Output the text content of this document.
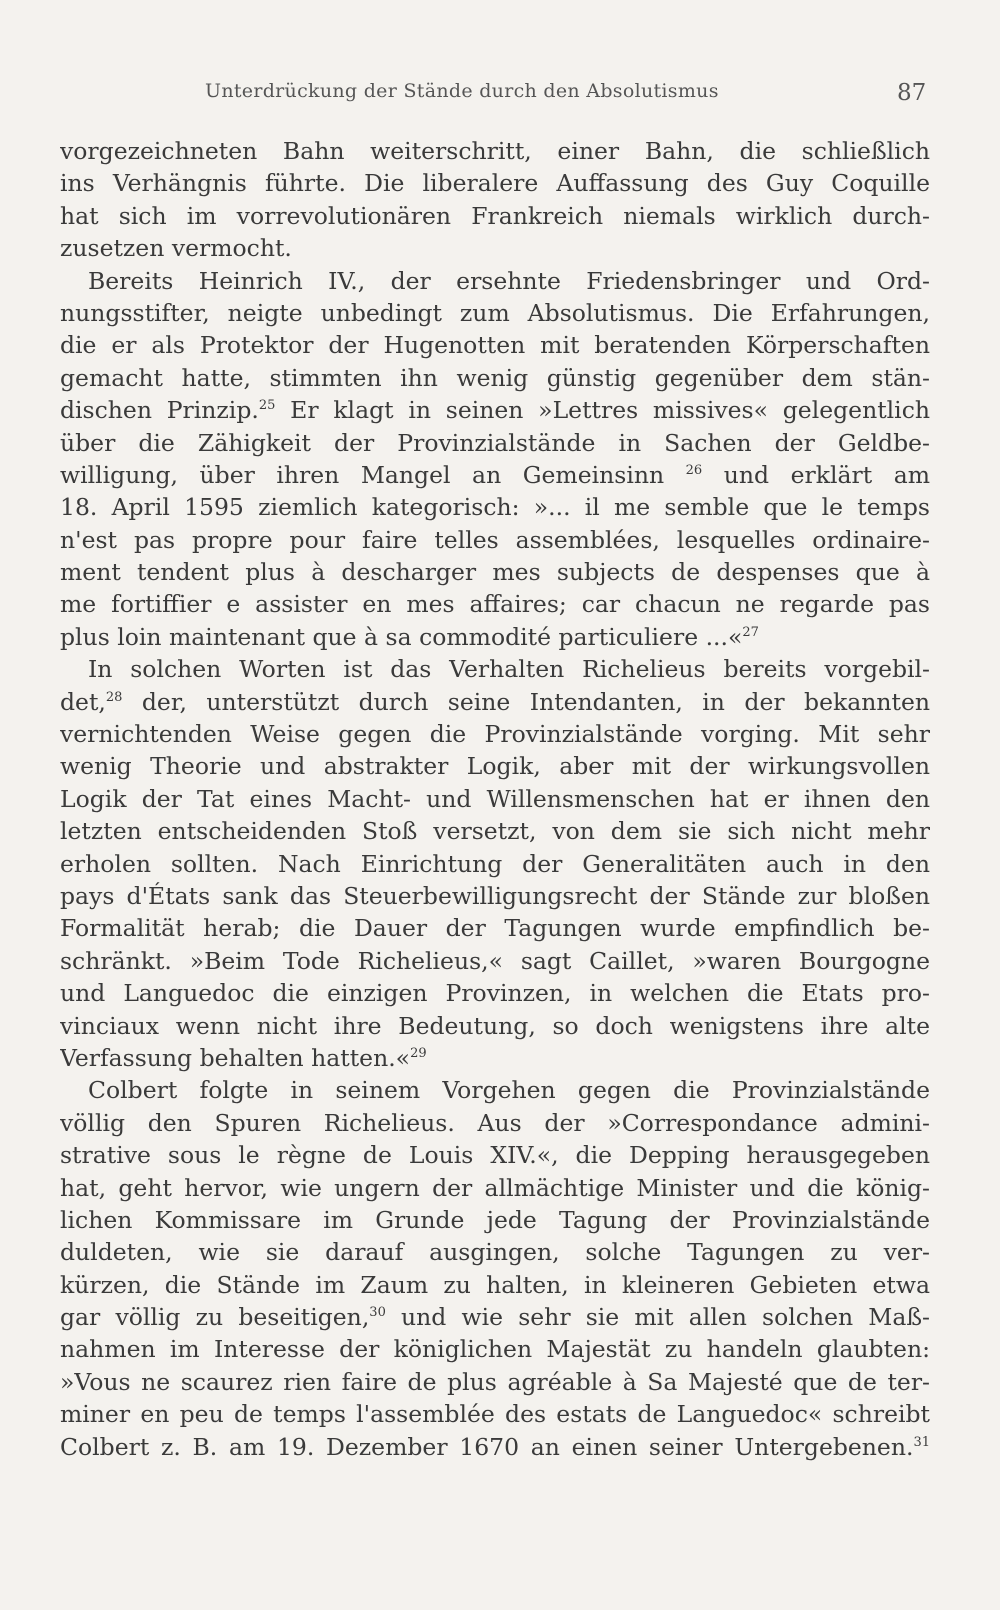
Unterdrückung der Stände durch den Absolutismus	87
vorgezeichneten Bahn weiterschritt, einer Bahn, die schließlich
ins Verhängnis führte. Die liberalere Auffassung des Guy Coquille
hat sich im vorrevolutionären Frankreich niemals wirklich durch-
zusetzen vermocht.
Bereits Heinrich IV., der ersehnte Friedensbringer und Ord-
nungsstifter, neigte unbedingt zum Absolutismus. Die Erfahrungen,
die er als Protektor der Hugenotten mit beratenden Körperschaften
gemacht hatte, stimmten ihn wenig günstig gegenüber dem stän-
dischen Prinzip.$^{25}$ Er klagt in seinen »Lettres missives« gelegentlich
über die Zähigkeit der Provinzialstände in Sachen der Geldbe-
willigung, über ihren Mangel an Gemeinsinn $^{26}$ und erklärt am
18. April 1595 ziemlich kategorisch: »... il me semble que le temps
n'est pas propre pour faire telles assemblées, lesquelles ordinaire-
ment tendent plus à descharger mes subjects de despenses que à
me fortiffier e assister en mes affaires; car chacun ne regarde pas
plus loin maintenant que à sa commodité particuliere ...«$^{27}$
In solchen Worten ist das Verhalten Richelieus bereits vorgebil-
det,$^{28}$ der, unterstützt durch seine Intendanten, in der bekannten
vernichtenden Weise gegen die Provinzialstände vorging. Mit sehr
wenig Theorie und abstrakter Logik, aber mit der wirkungsvollen
Logik der Tat eines Macht- und Willensmenschen hat er ihnen den
letzten entscheidenden Stoß versetzt, von dem sie sich nicht mehr
erholen sollten. Nach Einrichtung der Generalitäten auch in den
pays d'États sank das Steuerbewilligungsrecht der Stände zur bloßen
Formalität herab; die Dauer der Tagungen wurde empfindlich be-
schränkt. »Beim Tode Richelieus,« sagt Caillet, »waren Bourgogne
und Languedoc die einzigen Provinzen, in welchen die Etats pro-
vinciaux wenn nicht ihre Bedeutung, so doch wenigstens ihre alte
Verfassung behalten hatten.«$^{29}$
Colbert folgte in seinem Vorgehen gegen die Provinzialstände
völlig den Spuren Richelieus. Aus der »Correspondance admini-
strative sous le règne de Louis XIV.«, die Depping herausgegeben
hat, geht hervor, wie ungern der allmächtige Minister und die könig-
lichen Kommissare im Grunde jede Tagung der Provinzialstände
duldeten, wie sie darauf ausgingen, solche Tagungen zu ver-
kürzen, die Stände im Zaum zu halten, in kleineren Gebieten etwa
gar völlig zu beseitigen,$^{30}$ und wie sehr sie mit allen solchen Maß-
nahmen im Interesse der königlichen Majestät zu handeln glaubten:
»Vous ne scaurez rien faire de plus agréable à Sa Majesté que de ter-
miner en peu de temps l'assemblée des estats de Languedoc« schreibt
Colbert z. B. am 19. Dezember 1670 an einen seiner Untergebenen.$^{31}$
